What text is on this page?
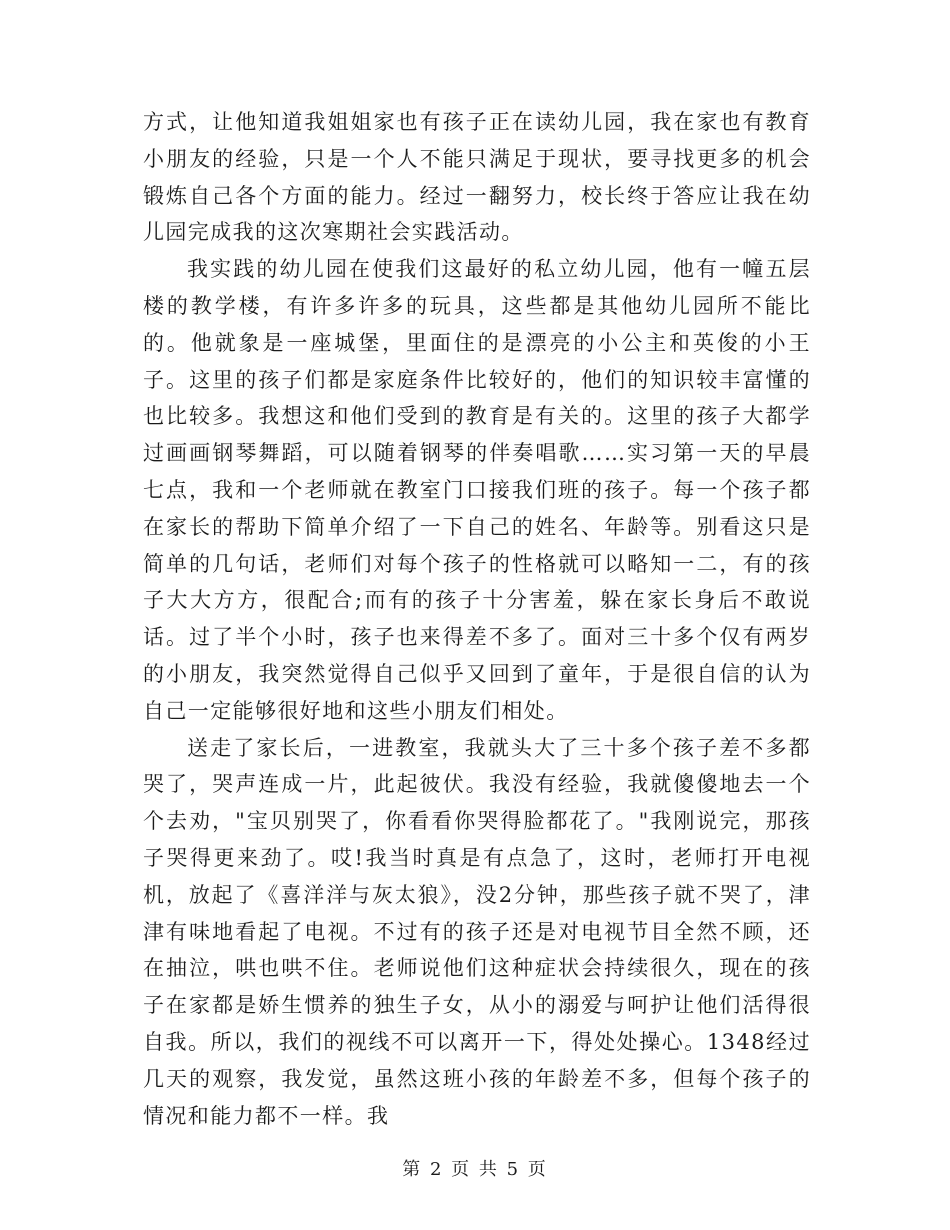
方式，让他知道我姐姐家也有孩子正在读幼儿园，我在家也有教育小朋友的经验，只是一个人不能只满足于现状，要寻找更多的机会锻炼自己各个方面的能力。经过一翻努力，校长终于答应让我在幼儿园完成我的这次寒期社会实践活动。

我实践的幼儿园在使我们这最好的私立幼儿园，他有一幢五层楼的教学楼，有许多许多的玩具，这些都是其他幼儿园所不能比的。他就象是一座城堡，里面住的是漂亮的小公主和英俊的小王子。这里的孩子们都是家庭条件比较好的，他们的知识较丰富懂的也比较多。我想这和他们受到的教育是有关的。这里的孩子大都学过画画钢琴舞蹈，可以随着钢琴的伴奏唱歌……实习第一天的早晨七点，我和一个老师就在教室门口接我们班的孩子。每一个孩子都在家长的帮助下简单介绍了一下自己的姓名、年龄等。别看这只是简单的几句话，老师们对每个孩子的性格就可以略知一二，有的孩子大大方方，很配合;而有的孩子十分害羞，躲在家长身后不敢说话。过了半个小时，孩子也来得差不多了。面对三十多个仅有两岁的小朋友，我突然觉得自己似乎又回到了童年，于是很自信的认为自己一定能够很好地和这些小朋友们相处。

送走了家长后，一进教室，我就头大了三十多个孩子差不多都哭了，哭声连成一片，此起彼伏。我没有经验，我就傻傻地去一个个去劝，"宝贝别哭了，你看看你哭得脸都花了。"我刚说完，那孩子哭得更来劲了。哎!我当时真是有点急了，这时，老师打开电视机，放起了《喜洋洋与灰太狼》，没2分钟，那些孩子就不哭了，津津有味地看起了电视。不过有的孩子还是对电视节目全然不顾，还在抽泣，哄也哄不住。老师说他们这种症状会持续很久，现在的孩子在家都是娇生惯养的独生子女，从小的溺爱与呵护让他们活得很自我。所以，我们的视线不可以离开一下，得处处操心。1348经过几天的观察，我发觉，虽然这班小孩的年龄差不多，但每个孩子的情况和能力都不一样。我

第 2 页 共 5 页
